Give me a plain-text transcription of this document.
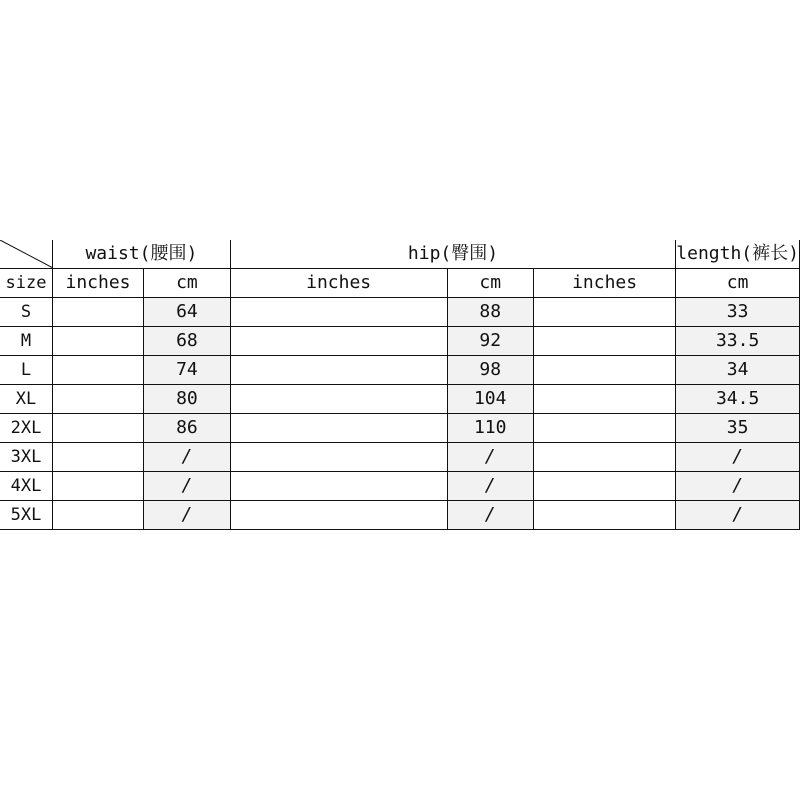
	waist(腰围)		hip(臀围)			length(裤长)
size	inches	cm	inches	cm	inches	cm
S		64		88		33
M		68		92		33.5
L		74		98		34
XL		80		104		34.5
2XL		86		110		35
3XL		/		/		/
4XL		/		/		/
5XL		/		/		/
